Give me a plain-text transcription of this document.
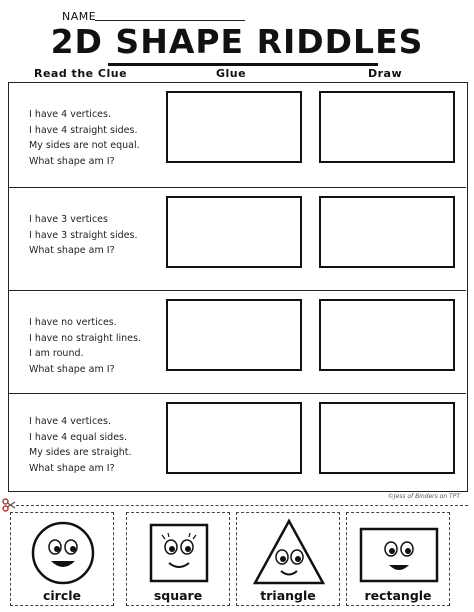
NAME
2D SHAPE RIDDLES
Read the Clue	Glue	Draw
I have 4 vertices.
I have 4 straight sides.
My sides are not equal.
What shape am I?
I have 3 vertices
I have 3 straight sides.
What shape am I?
I have no vertices.
I have no straight lines.
I am round.
What shape am I?
I have 4 vertices.
I have 4 equal sides.
My sides are straight.
What shape am I?
©Jess of Binders on TPT
circle	square	triangle	rectangle
